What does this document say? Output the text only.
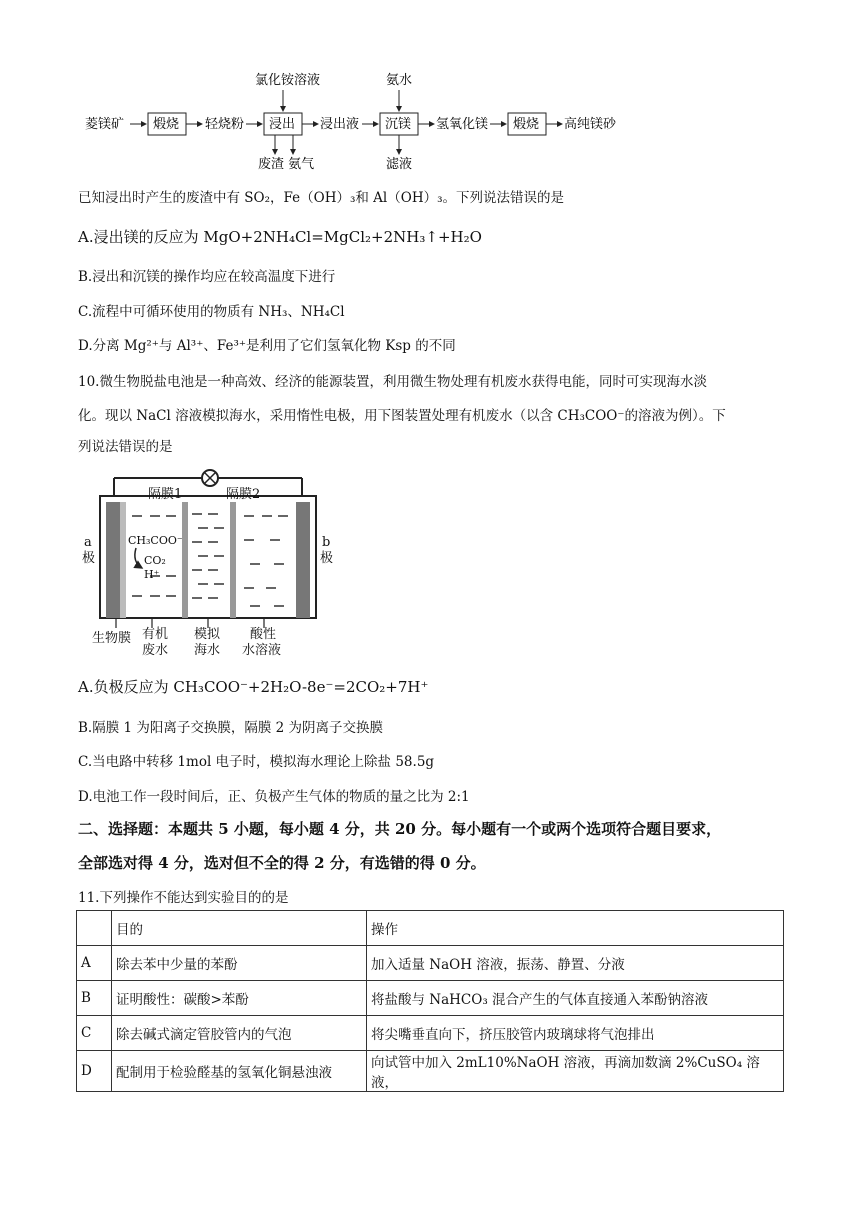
菱镁矿 煅烧 轻烧粉 浸出
氯化铵溶液
废渣 氨气
浸出液 沉镁
氨水
滤液
氢氧化镁 煅烧 高纯镁砂
已知浸出时产生的废渣中有 SO₂，Fe（OH）₃和 Al（OH）₃。下列说法错误的是
A.浸出镁的反应为 MgO+2NH₄Cl=MgCl₂+2NH₃↑+H₂O
B.浸出和沉镁的操作均应在较高温度下进行
C.流程中可循环使用的物质有 NH₃、NH₄Cl
D.分离 Mg²⁺与 Al³⁺、Fe³⁺是利用了它们氢氧化物 Ksp 的不同
10.微生物脱盐电池是一种高效、经济的能源装置，利用微生物处理有机废水获得电能，同时可实现海水淡
化。现以 NaCl 溶液模拟海水，采用惰性电极，用下图装置处理有机废水（以含 CH₃COO⁻的溶液为例）。下
列说法错误的是
隔膜1	隔膜2
CH₃COO⁻
CO₂
H⁺
a
极
b
极
生物膜 有机
废水
模拟
海水
酸性
水溶液
A.负极反应为 CH₃COO⁻+2H₂O-8e⁻=2CO₂+7H⁺
B.隔膜 1 为阳离子交换膜，隔膜 2 为阴离子交换膜
C.当电路中转移 1mol 电子时，模拟海水理论上除盐 58.5g
D.电池工作一段时间后，正、负极产生气体的物质的量之比为 2:1
二、选择题：本题共 5 小题，每小题 4 分，共 20 分。每小题有一个或两个选项符合题目要求，
全部选对得 4 分，选对但不全的得 2 分，有选错的得 0 分。
11.下列操作不能达到实验目的的是
	目的	操作
A	除去苯中少量的苯酚	加入适量 NaOH 溶液，振荡、静置、分液
B	证明酸性：碳酸>苯酚	将盐酸与 NaHCO₃ 混合产生的气体直接通入苯酚钠溶液
C	除去碱式滴定管胶管内的气泡	将尖嘴垂直向下，挤压胶管内玻璃球将气泡排出
D	配制用于检验醛基的氢氧化铜悬浊液	向试管中加入 2mL10%NaOH 溶液，再滴加数滴 2%CuSO₄ 溶液，
